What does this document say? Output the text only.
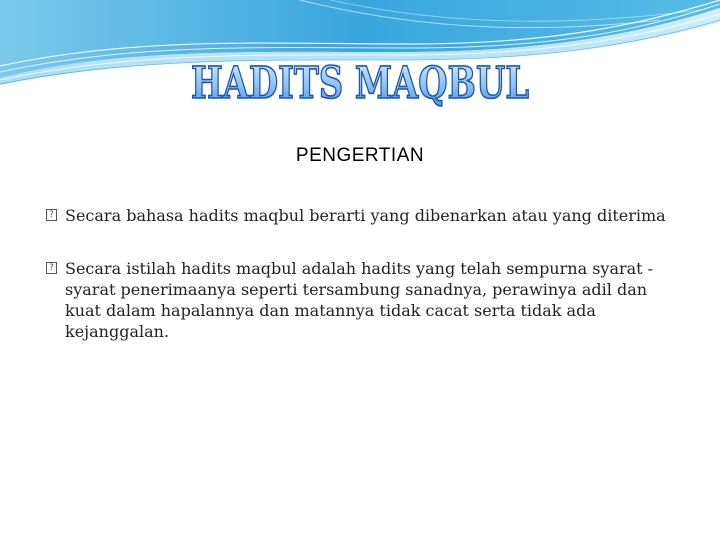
HADITS MAQBUL
PENGERTIAN
? Secara bahasa hadits maqbul berarti yang dibenarkan atau yang diterima
? Secara istilah hadits maqbul adalah hadits yang telah sempurna syarat -syarat penerimaanya seperti tersambung sanadnya, perawinya adil dan kuat dalam hapalannya dan matannya tidak cacat serta tidak ada kejanggalan.
